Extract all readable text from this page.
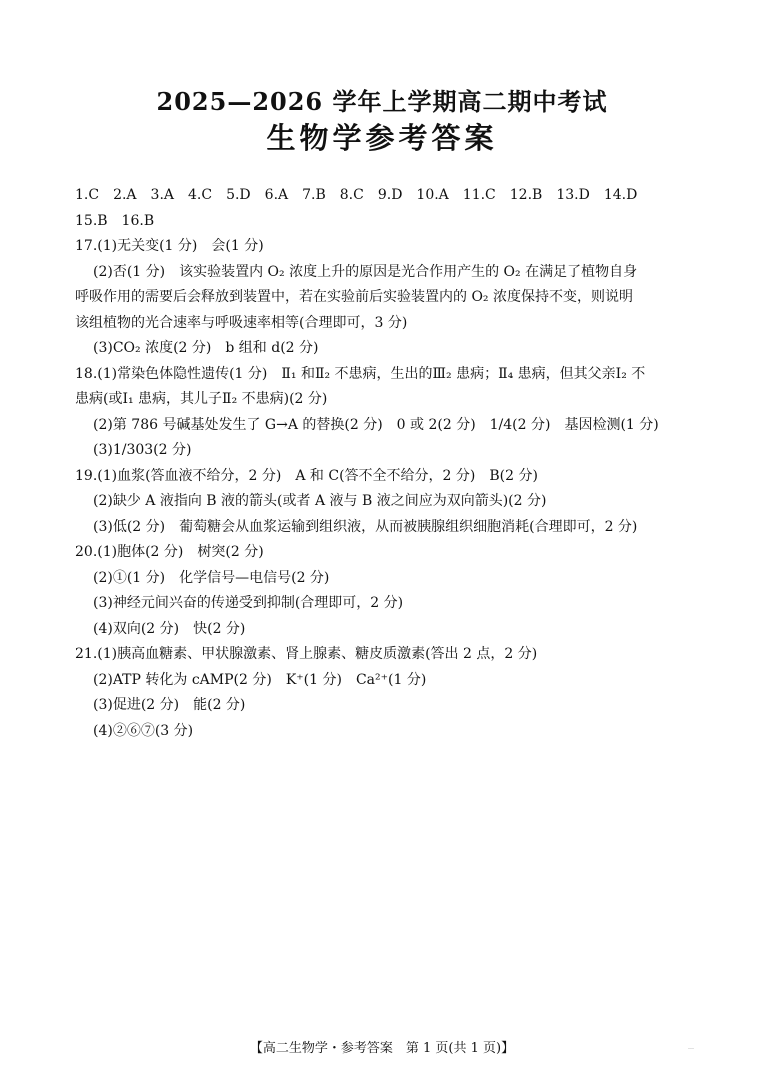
2025—2026 学年上学期高二期中考试
生物学参考答案
1.C　2.A　3.A　4.C　5.D　6.A　7.B　8.C　9.D　10.A　11.C　12.B　13.D　14.D
15.B　16.B
17.(1)无关变(1 分)　会(1 分)
(2)否(1 分)　该实验装置内 O₂ 浓度上升的原因是光合作用产生的 O₂ 在满足了植物自身
呼吸作用的需要后会释放到装置中，若在实验前后实验装置内的 O₂ 浓度保持不变，则说明
该组植物的光合速率与呼吸速率相等(合理即可，3 分)
(3)CO₂ 浓度(2 分)　b 组和 d(2 分)
18.(1)常染色体隐性遗传(1 分)　Ⅱ₁ 和Ⅱ₂ 不患病，生出的Ⅲ₂ 患病；Ⅱ₄ 患病，但其父亲Ⅰ₂ 不
患病(或Ⅰ₁ 患病，其儿子Ⅱ₂ 不患病)(2 分)
(2)第 786 号碱基处发生了 G→A 的替换(2 分)　0 或 2(2 分)　1/4(2 分)　基因检测(1 分)
(3)1/303(2 分)
19.(1)血浆(答血液不给分，2 分)　A 和 C(答不全不给分，2 分)　B(2 分)
(2)缺少 A 液指向 B 液的箭头(或者 A 液与 B 液之间应为双向箭头)(2 分)
(3)低(2 分)　葡萄糖会从血浆运输到组织液，从而被胰腺组织细胞消耗(合理即可，2 分)
20.(1)胞体(2 分)　树突(2 分)
(2)①(1 分)　化学信号—电信号(2 分)
(3)神经元间兴奋的传递受到抑制(合理即可，2 分)
(4)双向(2 分)　快(2 分)
21.(1)胰高血糖素、甲状腺激素、肾上腺素、糖皮质激素(答出 2 点，2 分)
(2)ATP 转化为 cAMP(2 分)　K⁺(1 分)　Ca²⁺(1 分)
(3)促进(2 分)　能(2 分)
(4)②⑥⑦(3 分)
【高二生物学・参考答案　第 1 页(共 1 页)】	…
